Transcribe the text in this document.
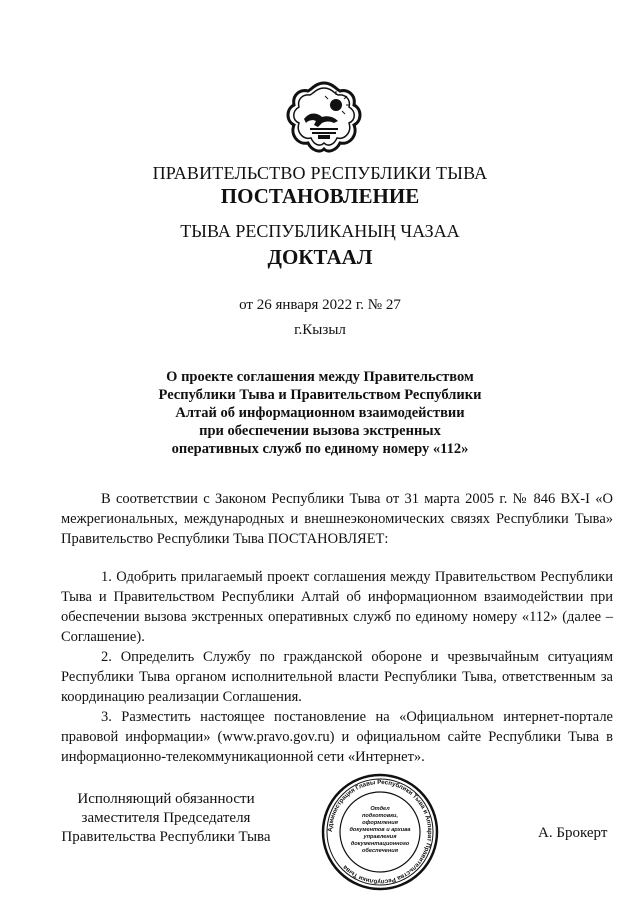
ПРАВИТЕЛЬСТВО РЕСПУБЛИКИ ТЫВА
ПОСТАНОВЛЕНИЕ
ТЫВА РЕСПУБЛИКАНЫҢ ЧАЗАА
ДОКТААЛ
от 26 января 2022 г. № 27
г.Кызыл
О проекте соглашения между Правительством
Республики Тыва и Правительством Республики
Алтай об информационном взаимодействии
при обеспечении вызова экстренных
оперативных служб по единому номеру «112»

В соответствии с Законом Республики Тыва от 31 марта 2005 г. № 846 ВХ-I «О межрегиональных, международных и внешнеэкономических связях Республики Тыва» Правительство Республики Тыва ПОСТАНОВЛЯЕТ:

1. Одобрить прилагаемый проект соглашения между Правительством Республики Тыва и Правительством Республики Алтай об информационном взаимодействии при обеспечении вызова экстренных оперативных служб по единому номеру «112» (далее – Соглашение).

2. Определить Службу по гражданской обороне и чрезвычайным ситуациям Республики Тыва органом исполнительной власти Республики Тыва, ответственным за координацию реализации Соглашения.

3. Разместить настоящее постановление на «Официальном интернет-портале правовой информации» (www.pravo.gov.ru) и официальном сайте Республики Тыва в информационно-телекоммуникационной сети «Интернет».

Исполняющий обязанности
заместителя Председателя
Правительства Республики Тыва	Администрация Главы Республики Тыва и Аппарат Правительства Республики Тыва
Отдел
подготовки,
оформления
документов и архива
управления
документационного
обеспечения
А. Брокерт
